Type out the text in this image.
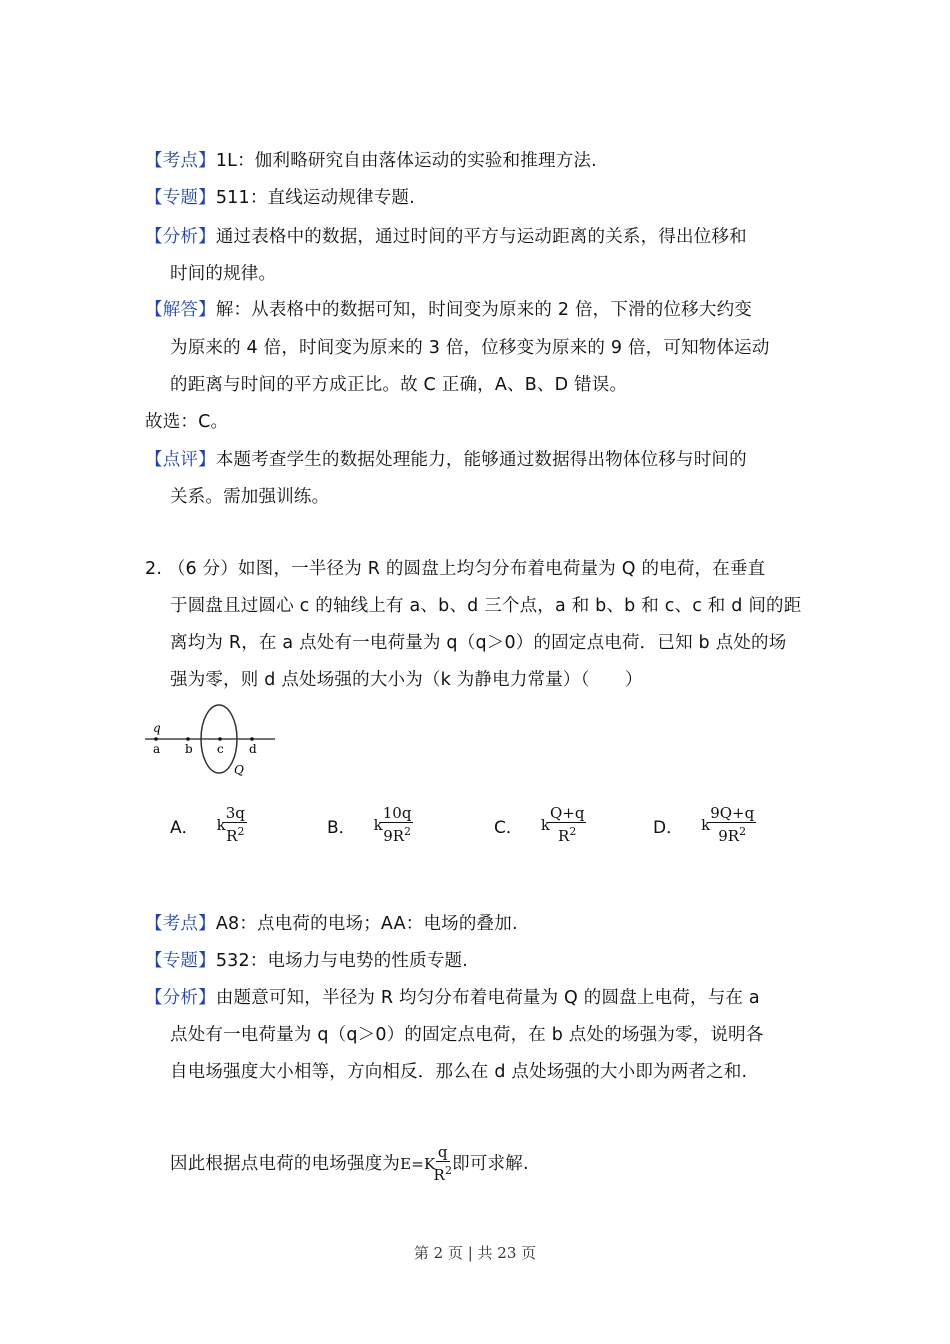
【考点】1L：伽利略研究自由落体运动的实验和推理方法.
【专题】511：直线运动规律专题.
【分析】通过表格中的数据，通过时间的平方与运动距离的关系，得出位移和
时间的规律。
【解答】解：从表格中的数据可知，时间变为原来的 2 倍，下滑的位移大约变
为原来的 4 倍，时间变为原来的 3 倍，位移变为原来的 9 倍，可知物体运动
的距离与时间的平方成正比。故 C 正确，A、B、D 错误。
故选：C。
【点评】本题考查学生的数据处理能力，能够通过数据得出物体位移与时间的
关系。需加强训练。
2. （6 分）如图，一半径为 R 的圆盘上均匀分布着电荷量为 Q 的电荷，在垂直
于圆盘且过圆心 c 的轴线上有 a、b、d 三个点，a 和 b、b 和 c、c 和 d 间的距
离均为 R，在 a 点处有一电荷量为 q（q＞0）的固定点电荷．已知 b 点处的场
强为零，则 d 点处场强的大小为（k 为静电力常量）（　　）
q
a b c d
Q
A． k
$\frac{3q}{R^2}$	B． k
$\frac{10q}{9R^2}$	C． k
$\frac{Q+q}{R^2}$	D． k
$\frac{9Q+q}{9R^2}$
【考点】A8：点电荷的电场；AA：电场的叠加.
【专题】532：电场力与电势的性质专题.
【分析】由题意可知，半径为 R 均匀分布着电荷量为 Q 的圆盘上电荷，与在 a
点处有一电荷量为 q（q＞0）的固定点电荷，在 b 点处的场强为零，说明各
自电场强度大小相等，方向相反．那么在 d 点处场强的大小即为两者之和.
因此根据点电荷的电场强度为 E=K
$\frac{q}{R^2}$ 即可求解.
第 2 页 | 共 23 页
